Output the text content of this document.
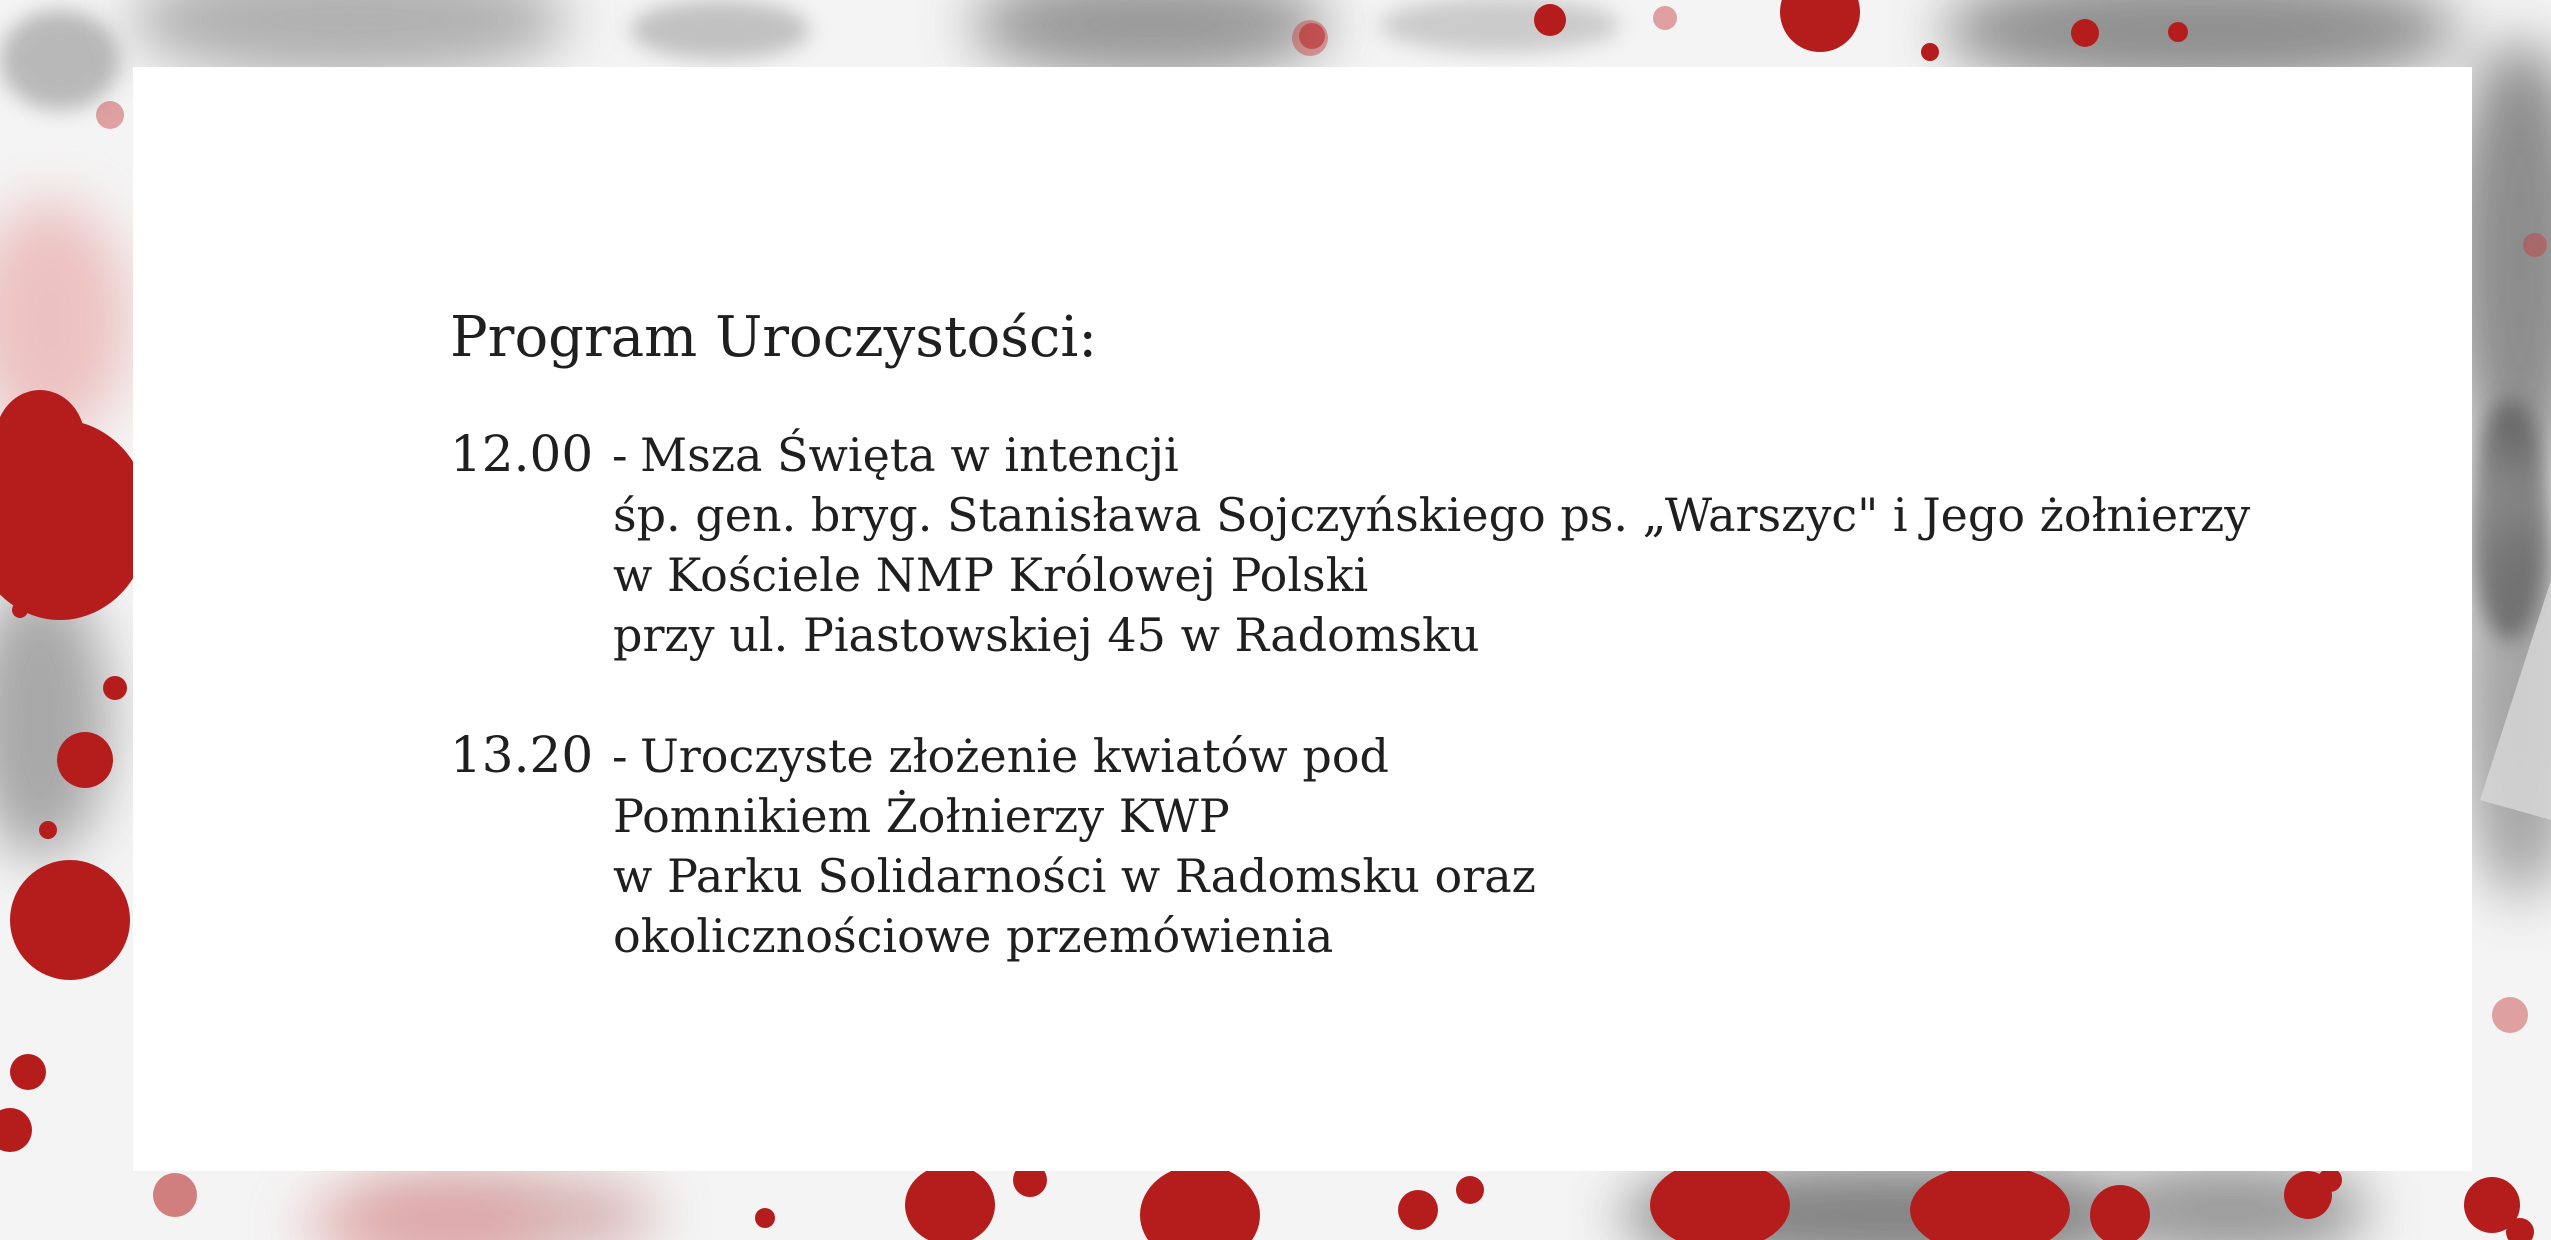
Program Uroczystości:
12.00 - Msza Święta w intencji
śp. gen. bryg. Stanisława Sojczyńskiego ps. „Warszyc" i Jego żołnierzy
w Kościele NMP Królowej Polski
przy ul. Piastowskiej 45 w Radomsku
13.20 - Uroczyste złożenie kwiatów pod
Pomnikiem Żołnierzy KWP
w Parku Solidarności w Radomsku oraz
okolicznościowe przemówienia
